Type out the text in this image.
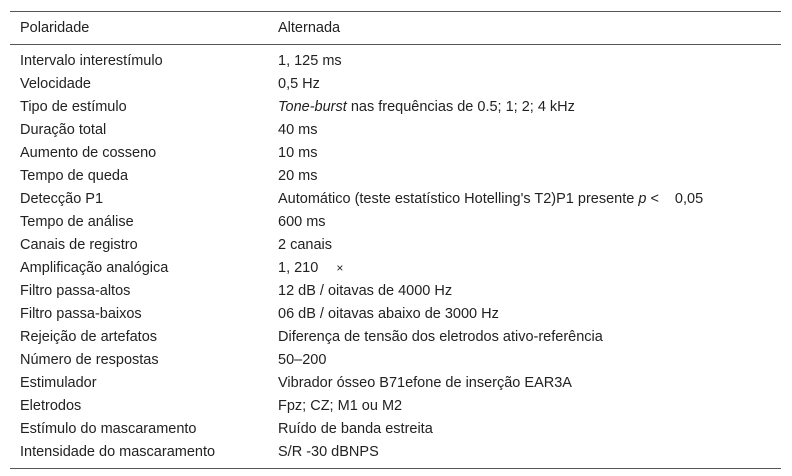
Polaridade	Alternada
Intervalo interestímulo	1, 125 ms
Velocidade	0,5 Hz
Tipo de estímulo	Tone-burst nas frequências de 0.5; 1; 2; 4 kHz
Duração total	40 ms
Aumento de cosseno	10 ms
Tempo de queda	20 ms
Detecção P1	Automático (teste estatístico Hotelling's T2)P1 presente p < 0,05
Tempo de análise	600 ms
Canais de registro	2 canais
Amplificação analógica	1, 210 ×
Filtro passa-altos	12 dB / oitavas de 4000 Hz
Filtro passa-baixos	06 dB / oitavas abaixo de 3000 Hz
Rejeição de artefatos	Diferença de tensão dos eletrodos ativo-referência
Número de respostas	50–200
Estimulador	Vibrador ósseo B71efone de inserção EAR3A
Eletrodos	Fpz; CZ; M1 ou M2
Estímulo do mascaramento	Ruído de banda estreita
Intensidade do mascaramento	S/R -30 dBNPS
